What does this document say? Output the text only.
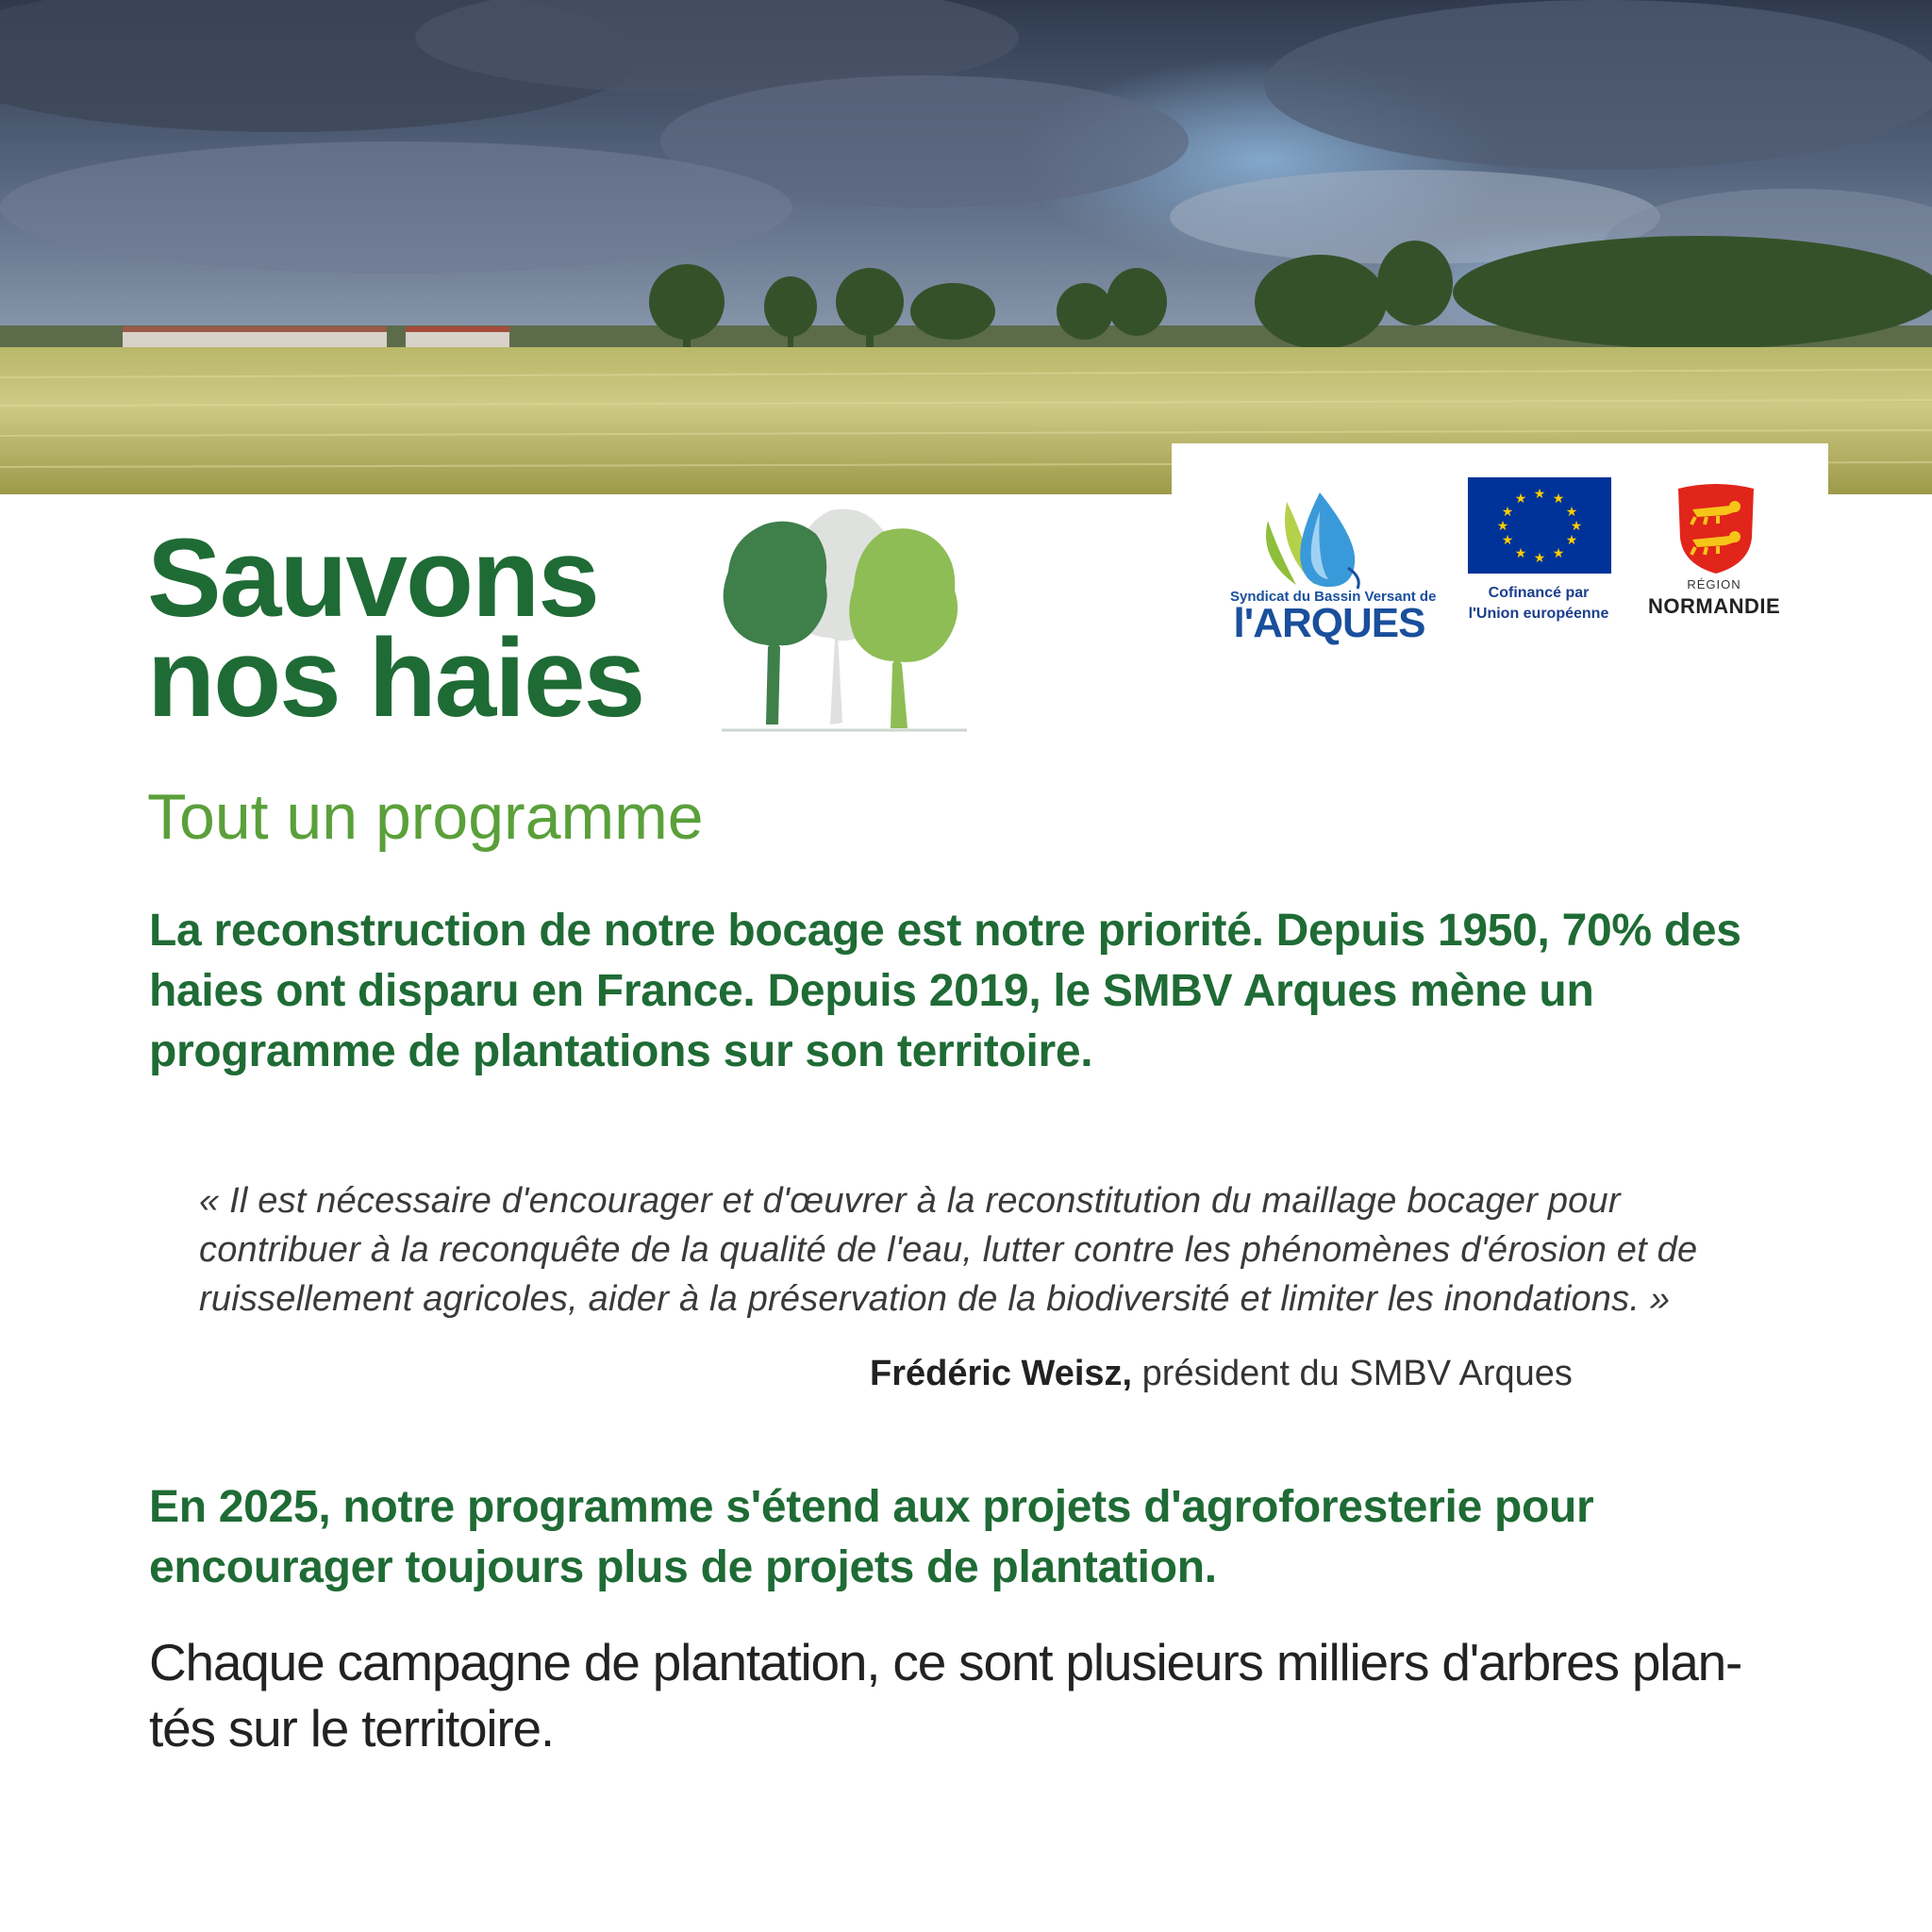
Syndicat du Bassin Versant de
l'ARQUES
★ ★
★
★
★
★
★
★
★
★
★
★
Cofinancé par
l'Union européenne
RÉGION
NORMANDIE
Sauvons
nos haies
Tout un programme

La reconstruction de notre bocage est notre priorité. Depuis 1950, 70% des haies ont disparu en France. Depuis 2019, le SMBV Arques mène un programme de plantations sur son territoire.

« Il est nécessaire d'encourager et d'œuvrer à la reconstitution du maillage bocager pour contribuer à la reconquête de la qualité de l'eau, lutter contre les phénomènes d'érosion et de ruissellement agricoles, aider à la préservation de la biodiversité et limiter les inondations. »
Frédéric Weisz, président du SMBV Arques

En 2025, notre programme s'étend aux projets d'agroforesterie pour encourager toujours plus de projets de plantation.

Chaque campagne de plantation, ce sont plusieurs milliers d'arbres plan-tés sur le territoire.
